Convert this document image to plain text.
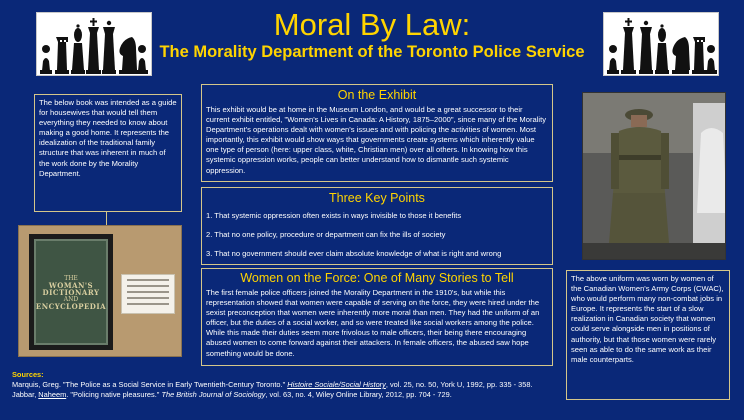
Moral By Law:
The Morality Department of the Toronto Police Service
The below book was intended as a guide for housewives that would tell them everything they needed to know about making a good home. It represents the idealization of the traditional family structure that was inherent in much of the work done by the Morality Department.
THE
WOMAN'S
DICTIONARY
AND
ENCYCLOPEDIA
On the Exhibit
This exhibit would be at home in the Museum London, and would be a great successor to their current exhibit entitled, "Women's Lives in Canada: A History, 1875–2000", since many of the Morality Department's operations dealt with women's issues and with policing the activities of women. Most importantly, this exhibit would show ways that governments create systems which inherently value one type of person (here: upper class, white, Christian men) over all others. In knowing how this systemic oppression works, people can better understand how to dismantle such systemic oppression.
Three Key Points
1. That systemic oppression often exists in ways invisible to those it benefits
2. That no one policy, procedure or department can fix the ills of society
3. That no government should ever claim absolute knowledge of what is right and wrong
Women on the Force: One of Many Stories to Tell
The first female police officers joined the Morality Department in the 1910's, but while this representation showed that women were capable of serving on the force, they were hired under the sexist preconception that women were inherently more moral than men. They had the uniform of an officer, but the duties of a social worker, and so were treated like social workers among the police. While this made their duties seem more frivolous to male officers, their being there encouraging abused women to come forward against their attackers. In female officers, the abused saw hope something would be done.
The above uniform was worn by women of the Canadian Women's Army Corps (CWAC), who would perform many non-combat jobs in Europe. It represents the start of a slow realization in Canadian society that women could serve alongside men in positions of authority, but that those women were rarely seen as able to do the same work as their male counterparts.
Sources:
Marquis, Greg. "The Police as a Social Service in Early Twentieth-Century Toronto." Histoire Sociale/Social History, vol. 25, no. 50, York U, 1992, pp. 335 - 358.
Jabbar, Naheem. "Policing native pleasures." The British Journal of Sociology, vol. 63, no. 4, Wiley Online Library, 2012, pp. 704 - 729.
